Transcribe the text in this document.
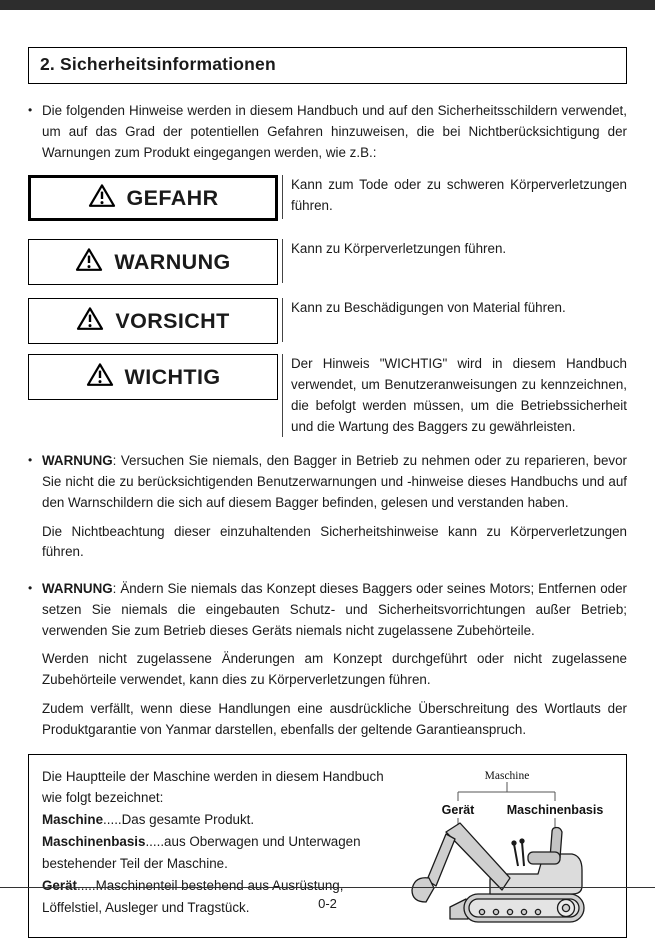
2. Sicherheitsinformationen
• Die folgenden Hinweise werden in diesem Handbuch und auf den Sicherheitsschildern verwendet, um auf das Grad der potentiellen Gefahren hinzuweisen, die bei Nichtberücksichtigung der Warnungen zum Produkt eingegangen werden, wie z.B.:
GEFAHR
Kann zum Tode oder zu schweren Körperverletzungen führen.
WARNUNG
Kann zu Körperverletzungen führen.
VORSICHT
Kann zu Beschädigungen von Material führen.
WICHTIG
Der Hinweis "WICHTIG" wird in diesem Handbuch verwendet, um Benutzeranweisungen zu kennzeichnen, die befolgt werden müssen, um die Betriebssicherheit und die Wartung des Baggers zu gewährleisten.
• WARNUNG: Versuchen Sie niemals, den Bagger in Betrieb zu nehmen oder zu reparieren, bevor Sie nicht die zu berücksichtigenden Benutzerwarnungen und -hinweise dieses Handbuchs und auf den Warnschildern die sich auf diesem Bagger befinden, gelesen und verstanden haben.
Die Nichtbeachtung dieser einzuhaltenden Sicherheitshinweise kann zu Körperverletzungen führen.
• WARNUNG: Ändern Sie niemals das Konzept dieses Baggers oder seines Motors; Entfernen oder setzen Sie niemals die eingebauten Schutz- und Sicherheitsvorrichtungen außer Betrieb; verwenden Sie zum Betrieb dieses Geräts niemals nicht zugelassene Zubehörteile.
Werden nicht zugelassene Änderungen am Konzept durchgeführt oder nicht zugelassene Zubehörteile verwendet, kann dies zu Körperverletzungen führen.
Zudem verfällt, wenn diese Handlungen eine ausdrückliche Überschreitung des Wortlauts der Produktgarantie von Yanmar darstellen, ebenfalls der geltende Garantieanspruch.
Die Hauptteile der Maschine werden in diesem Handbuch wie folgt bezeichnet:
Maschine.....Das gesamte Produkt.
Maschinenbasis.....aus Oberwagen und Unterwagen bestehender Teil der Maschine.
Gerät.....Maschinenteil bestehend aus Ausrüstung, Löffelstiel, Ausleger und Tragstück.
Maschine
Gerät	Maschinenbasis
0-2
